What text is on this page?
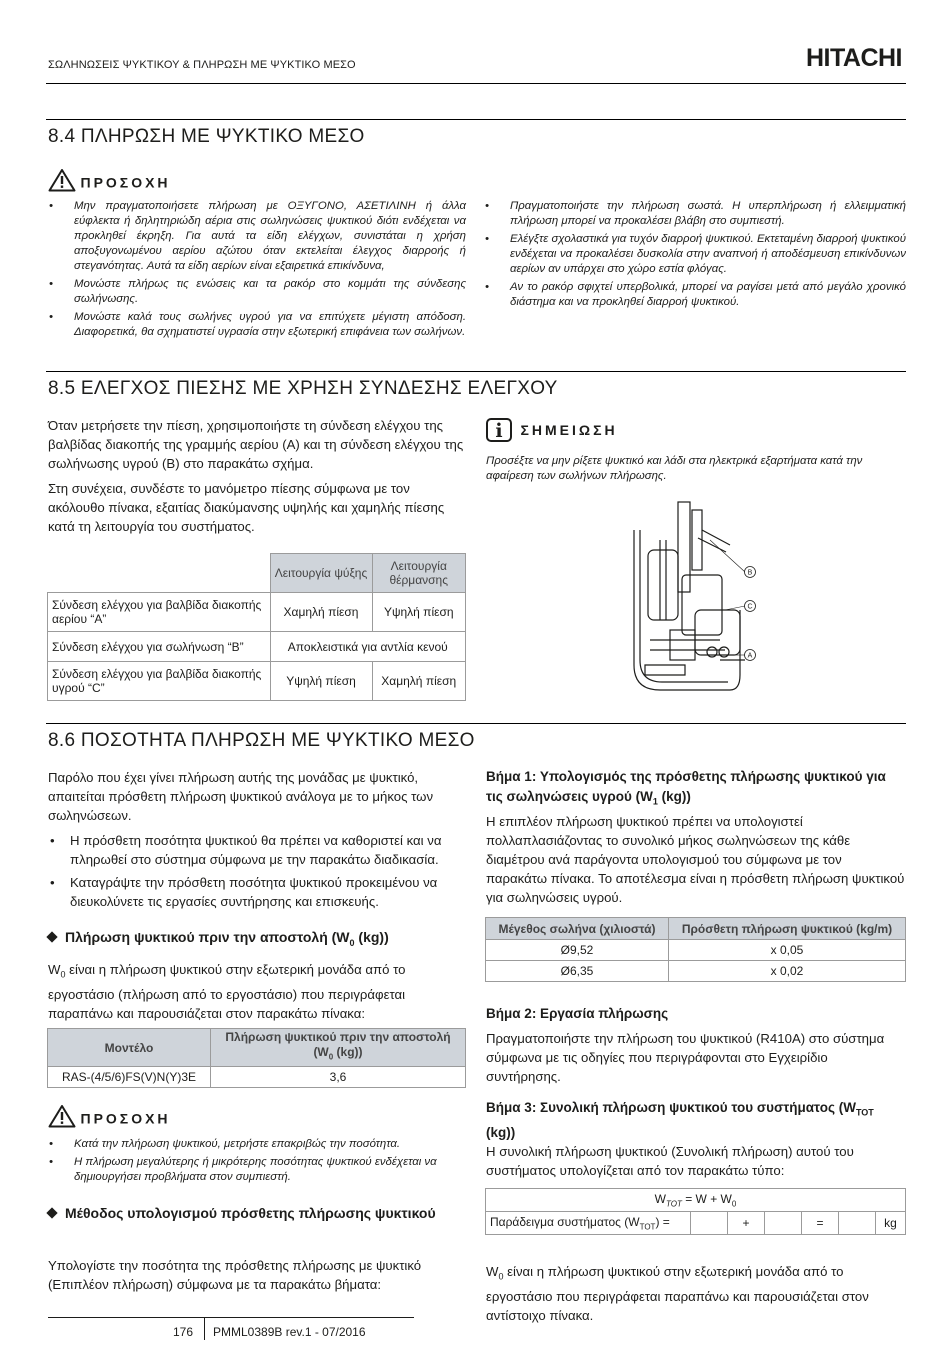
ΣΩΛΗΝΩΣΕΙΣ ΨΥΚΤΙΚΟΥ & ΠΛΗΡΩΣΗ ΜΕ ΨΥΚΤΙΚΟ ΜΕΣΟ	HITACHI
8.4 ΠΛΗΡΩΣΗ ΜΕ ΨΥΚΤΙΚΟ ΜΕΣΟ
ΠΡΟΣΟΧΗ
• Μην πραγματοποιήσετε πλήρωση με ΟΞΥΓΟΝΟ, ΑΣΕΤΙΛΙΝΗ ή άλλα εύφλεκτα ή δηλητηριώδη αέρια στις σωληνώσεις ψυκτικού διότι ενδέχεται να προκληθεί έκρηξη. Για αυτά τα είδη ελέγχων, συνιστάται η χρήση αποξυγονωμένου αερίου αζώτου όταν εκτελείται έλεγχος διαρροής ή στεγανότητας. Αυτά τα είδη αερίων είναι εξαιρετικά επικίνδυνα,
• Μονώστε πλήρως τις ενώσεις και τα ρακόρ στο κομμάτι της σύνδεσης σωλήνωσης.
• Μονώστε καλά τους σωλήνες υγρού για να επιτύχετε μέγιστη απόδοση. Διαφορετικά, θα σχηματιστεί υγρασία στην εξωτερική επιφάνεια των σωλήνων.
• Πραγματοποιήστε την πλήρωση σωστά. Η υπερπλήρωση ή ελλειμματική πλήρωση μπορεί να προκαλέσει βλάβη στο συμπιεστή.
• Ελέγξτε σχολαστικά για τυχόν διαρροή ψυκτικού. Εκτεταμένη διαρροή ψυκτικού ενδέχεται να προκαλέσει δυσκολία στην αναπνοή ή αποδέσμευση επικίνδυνων αερίων αν υπάρχει στο χώρο εστία φλόγας.
• Αν το ρακόρ σφιχτεί υπερβολικά, μπορεί να ραγίσει μετά από μεγάλο χρονικό διάστημα και να προκληθεί διαρροή ψυκτικού.
8.5 ΕΛΕΓΧΟΣ ΠΙΕΣΗΣ ΜΕ ΧΡΗΣΗ ΣΥΝΔΕΣΗΣ ΕΛΕΓΧΟΥ

Όταν μετρήσετε την πίεση, χρησιμοποιήστε τη σύνδεση ελέγχου της βαλβίδας διακοπής της γραμμής αερίου (A) και τη σύνδεση ελέγχου της σωλήνωσης υγρού (B) στο παρακάτω σχήμα.

Στη συνέχεια, συνδέστε το μανόμετρο πίεσης σύμφωνα με τον ακόλουθο πίνακα, εξαιτίας διακύμανσης υψηλής και χαμηλής πίεσης κατά τη λειτουργία του συστήματος.

	Λειτουργία ψύξης	Λειτουργία θέρμανσης
Σύνδεση ελέγχου για βαλβίδα διακοπής αερίου “A”	Χαμηλή πίεση	Υψηλή πίεση
Σύνδεση ελέγχου για σωλήνωση “B”	Αποκλειστικά για αντλία κενού	
Σύνδεση ελέγχου για βαλβίδα διακοπής υγρού “C”	Υψηλή πίεση	Χαμηλή πίεση
i ΣΗΜΕΙΩΣΗ
Προσέξτε να μην ρίξετε ψυκτικό και λάδι στα ηλεκτρικά εξαρτήματα κατά την αφαίρεση των σωλήνων πλήρωσης.
B
C
A
8.6 ΠΟΣΟΤΗΤΑ ΠΛΗΡΩΣΗ ΜΕ ΨΥΚΤΙΚΟ ΜΕΣΟ

Παρόλο που έχει γίνει πλήρωση αυτής της μονάδας με ψυκτικό, απαιτείται πρόσθετη πλήρωση ψυκτικού ανάλογα με το μήκος των σωληνώσεων.

• Η πρόσθετη ποσότητα ψυκτικού θα πρέπει να καθοριστεί και να πληρωθεί στο σύστημα σύμφωνα με την παρακάτω διαδικασία.
• Καταγράψτε την πρόσθετη ποσότητα ψυκτικού προκειμένου να διευκολύνετε τις εργασίες συντήρησης και επισκευής.
Πλήρωση ψυκτικού πριν την αποστολή ($W_0$ (kg))
$W_0$ είναι η πλήρωση ψυκτικού στην εξωτερική μονάδα από το εργοστάσιο (πλήρωση από το εργοστάσιο) που περιγράφεται παραπάνω και παρουσιάζεται στον παρακάτω πίνακα:
Μοντέλο	Πλήρωση ψυκτικού πριν την αποστολή
($W_0$ (kg))
RAS-(4/5/6)FS(V)N(Y)3E	3,6
ΠΡΟΣΟΧΗ
• Κατά την πλήρωση ψυκτικού, μετρήστε επακριβώς την ποσότητα.
• Η πλήρωση μεγαλύτερης ή μικρότερης ποσότητας ψυκτικού ενδέχεται να δημιουργήσει προβλήματα στον συμπιεστή.
Μέθοδος υπολογισμού πρόσθετης πλήρωσης ψυκτικού
Υπολογίστε την ποσότητα της πρόσθετης πλήρωσης με ψυκτικό (Επιπλέον πλήρωση) σύμφωνα με τα παρακάτω βήματα:
Βήμα 1: Υπολογισμός της πρόσθετης πλήρωσης ψυκτικού για τις σωληνώσεις υγρού ($W_1$ (kg))
Η επιπλέον πλήρωση ψυκτικού πρέπει να υπολογιστεί πολλαπλασιάζοντας το συνολικό μήκος σωληνώσεων της κάθε διαμέτρου ανά παράγοντα υπολογισμού του σύμφωνα με τον παρακάτω πίνακα. Το αποτέλεσμα είναι η πρόσθετη πλήρωση ψυκτικού για σωληνώσεις υγρού.
Μέγεθος σωλήνα (χιλιοστά)	Πρόσθετη πλήρωση ψυκτικού (kg/m)
Ø9,52	x 0,05
Ø6,35	x 0,02
Βήμα 2: Εργασία πλήρωσης
Πραγματοποιήστε την πλήρωση του ψυκτικού (R410A) στο σύστημα σύμφωνα με τις οδηγίες που περιγράφονται στο Εγχειρίδιο συντήρησης.
Βήμα 3: Συνολική πλήρωση ψυκτικού του συστήματος ($W_{TOT}$ (kg))
Η συνολική πλήρωση ψυκτικού (Συνολική πλήρωση) αυτού του συστήματος υπολογίζεται από τον παρακάτω τύπο:
$W_{TOT} = W + W_0$
Παράδειγμα συστήματος $(W_{TOT})$ =		+		=		kg
$W_0$ είναι η πλήρωση ψυκτικού στην εξωτερική μονάδα από το εργοστάσιο που περιγράφεται παραπάνω και παρουσιάζεται στον αντίστοιχο πίνακα.
176 PMML0389B rev.1 - 07/2016
